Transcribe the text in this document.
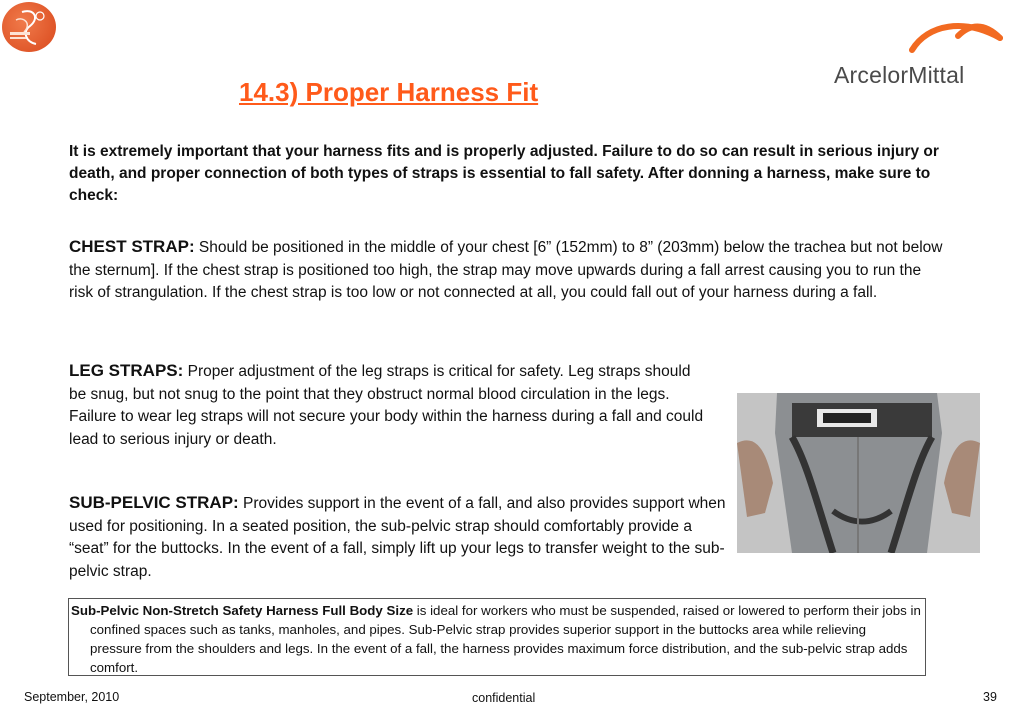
ArcelorMittal
14.3) Proper Harness Fit
It is extremely important that your harness fits and is properly adjusted. Failure to do so can result in serious injury or death, and proper connection of both types of straps is essential to fall safety. After donning a harness, make sure to check:
CHEST STRAP: Should be positioned in the middle of your chest [6” (152mm) to 8” (203mm) below the trachea but not below the sternum]. If the chest strap is positioned too high, the strap may move upwards during a fall arrest causing you to run the risk of strangulation. If the chest strap is too low or not connected at all, you could fall out of your harness during a fall.
LEG STRAPS: Proper adjustment of the leg straps is critical for safety. Leg straps should be snug, but not snug to the point that they obstruct normal blood circulation in the legs. Failure to wear leg straps will not secure your body within the harness during a fall and could lead to serious injury or death.
SUB-PELVIC STRAP: Provides support in the event of a fall, and also provides support when used for positioning. In a seated position, the sub-pelvic strap should comfortably provide a “seat” for the buttocks. In the event of a fall, simply lift up your legs to transfer weight to the sub-pelvic strap.
Sub-Pelvic Non-Stretch Safety Harness Full Body Size is ideal for workers who must be suspended, raised or lowered to perform their jobs in confined spaces such as tanks, manholes, and pipes. Sub-Pelvic strap provides superior support in the buttocks area while relieving pressure from the shoulders and legs. In the event of a fall, the harness provides maximum force distribution, and the sub-pelvic strap adds comfort.
September, 2010	confidential	39
